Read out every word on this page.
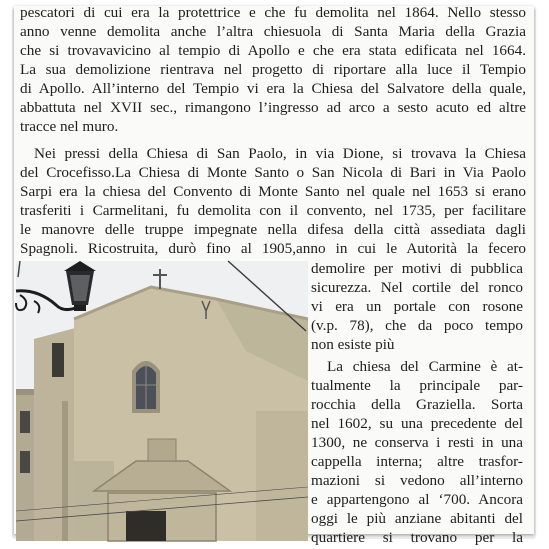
pescatori di cui era la protettrice e che fu demolita nel 1864. Nello stesso
anno venne demolita anche l’altra chiesuola di Santa Maria della Grazia
che si trovavavicino al tempio di Apollo e che era stata edificata nel 1664.
La sua demolizione rientrava nel progetto di riportare alla luce il Tempio
di Apollo. All’interno del Tempio vi era la Chiesa del Salvatore della quale,
abbattuta nel XVII sec., rimangono l’ingresso ad arco a sesto acuto ed altre
tracce nel muro.
Nei pressi della Chiesa di San Paolo, in via Dione, si trovava la Chiesa
del Crocefisso.La Chiesa di Monte Santo o San Nicola di Bari in Via Paolo
Sarpi era la chiesa del Convento di Monte Santo nel quale nel 1653 si erano
trasferiti i Carmelitani, fu demolita con il convento, nel 1735, per facilitare
le manovre delle truppe impegnate nella difesa della città assediata dagli
Spagnoli. Ricostruita, durò fino al 1905,anno in cui le Autorità la fecero
demolire per motivi di pubblica
sicurezza. Nel cortile del ronco
vi era un portale con rosone
(v.p. 78), che da poco tempo
non esiste più
La chiesa del Carmine è at-
tualmente la principale par-
rocchia della Graziella. Sorta
nel 1602, su una precedente del
1300, ne conserva i resti in una
cappella interna; altre trasfor-
mazioni si vedono all’interno
e appartengono al ‘700. Ancora
oggi le più anziane abitanti del
quartiere si trovano per la
